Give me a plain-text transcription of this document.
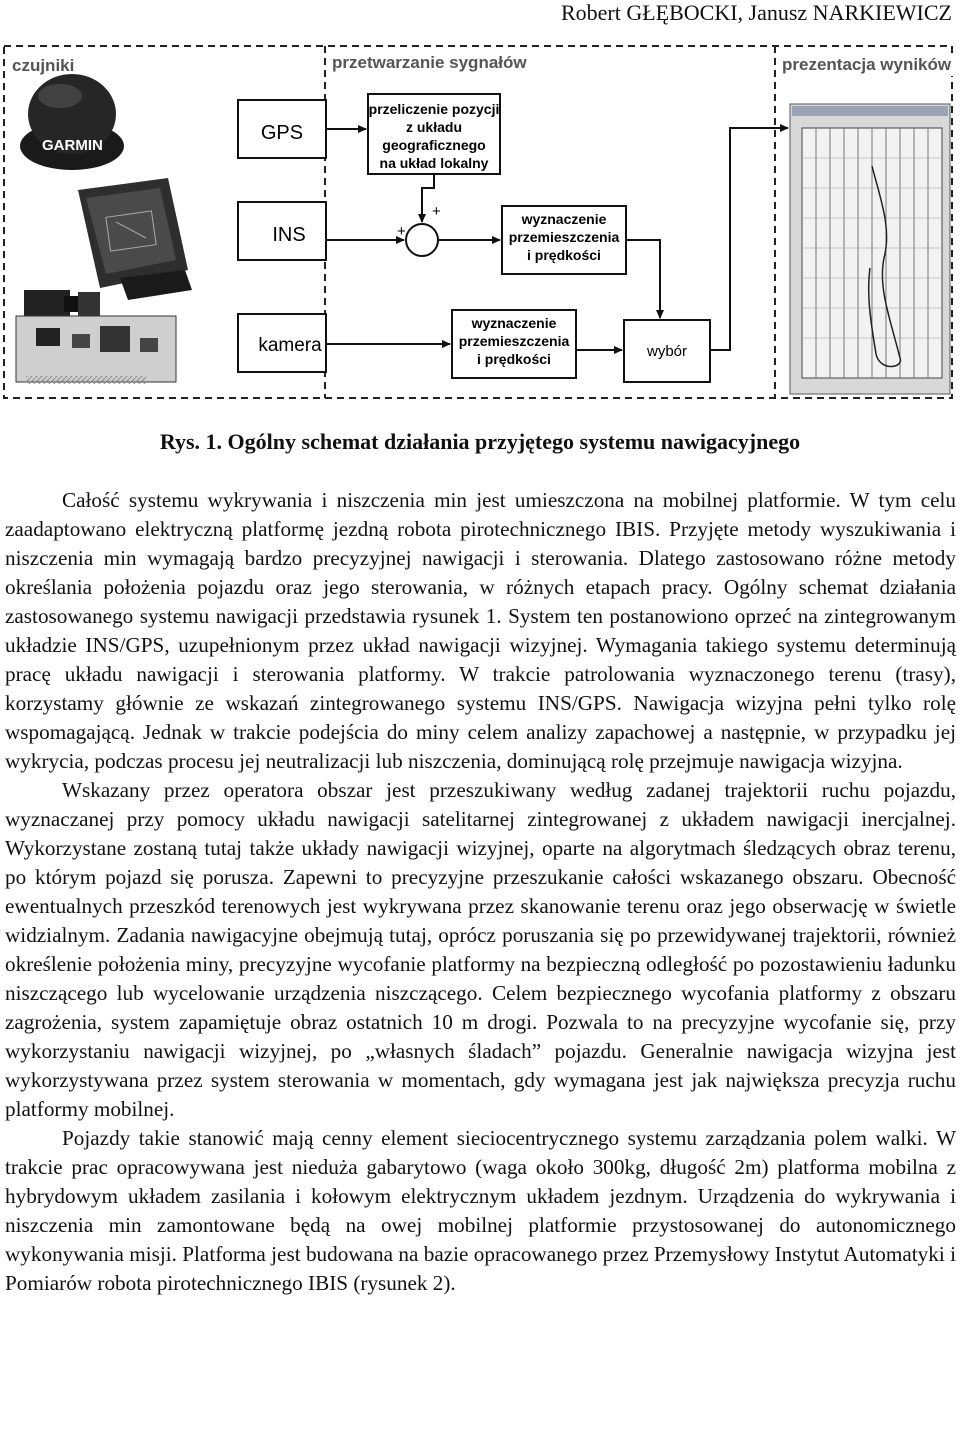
Robert GŁĘBOCKI, Janusz NARKIEWICZ
czujniki	przetwarzanie sygnałów	prezentacja wyników
GARMIN
GPS
INS
kamera
przeliczenie pozycji
z układu
geograficznego
na układ lokalny
+
+
wyznaczenie
przemieszczenia
i prędkości
wyznaczenie
przemieszczenia
i prędkości	wybór
Rys. 1. Ogólny schemat działania przyjętego systemu nawigacyjnego

Całość systemu wykrywania i niszczenia min jest umieszczona na mobilnej platformie. W tym celu zaadaptowano elektryczną platformę jezdną robota pirotechnicznego IBIS. Przyjęte metody wyszukiwania i niszczenia min wymagają bardzo precyzyjnej nawigacji i sterowania. Dlatego zastosowano różne metody określania położenia pojazdu oraz jego sterowania, w różnych etapach pracy. Ogólny schemat działania zastosowanego systemu nawigacji przedstawia rysunek 1. System ten postanowiono oprzeć na zintegrowanym układzie INS/GPS, uzupełnionym przez układ nawigacji wizyjnej. Wymagania takiego systemu determinują pracę układu nawigacji i sterowania platformy. W trakcie patrolowania wyznaczonego terenu (trasy), korzystamy głównie ze wskazań zintegrowanego systemu INS/GPS. Nawigacja wizyjna pełni tylko rolę wspomagającą. Jednak w trakcie podejścia do miny celem analizy zapachowej a następnie, w przypadku jej wykrycia, podczas procesu jej neutralizacji lub niszczenia, dominującą rolę przejmuje nawigacja wizyjna.

Wskazany przez operatora obszar jest przeszukiwany według zadanej trajektorii ruchu pojazdu, wyznaczanej przy pomocy układu nawigacji satelitarnej zintegrowanej z układem nawigacji inercjalnej. Wykorzystane zostaną tutaj także układy nawigacji wizyjnej, oparte na algorytmach śledzących obraz terenu, po którym pojazd się porusza. Zapewni to precyzyjne przeszukanie całości wskazanego obszaru. Obecność ewentualnych przeszkód terenowych jest wykrywana przez skanowanie terenu oraz jego obserwację w świetle widzialnym. Zadania nawigacyjne obejmują tutaj, oprócz poruszania się po przewidywanej trajektorii, również określenie położenia miny, precyzyjne wycofanie platformy na bezpieczną odległość po pozostawieniu ładunku niszczącego lub wycelowanie urządzenia niszczącego. Celem bezpiecznego wycofania platformy z obszaru zagrożenia, system zapamiętuje obraz ostatnich 10 m drogi. Pozwala to na precyzyjne wycofanie się, przy wykorzystaniu nawigacji wizyjnej, po „własnych śladach” pojazdu. Generalnie nawigacja wizyjna jest wykorzystywana przez system sterowania w momentach, gdy wymagana jest jak największa precyzja ruchu platformy mobilnej.

Pojazdy takie stanowić mają cenny element sieciocentrycznego systemu zarządzania polem walki. W trakcie prac opracowywana jest nieduża gabarytowo (waga około 300kg, długość 2m) platforma mobilna z hybrydowym układem zasilania i kołowym elektrycznym układem jezdnym. Urządzenia do wykrywania i niszczenia min zamontowane będą na owej mobilnej platformie przystosowanej do autonomicznego wykonywania misji. Platforma jest budowana na bazie opracowanego przez Przemysłowy Instytut Automatyki i Pomiarów robota pirotechnicznego IBIS (rysunek 2).
